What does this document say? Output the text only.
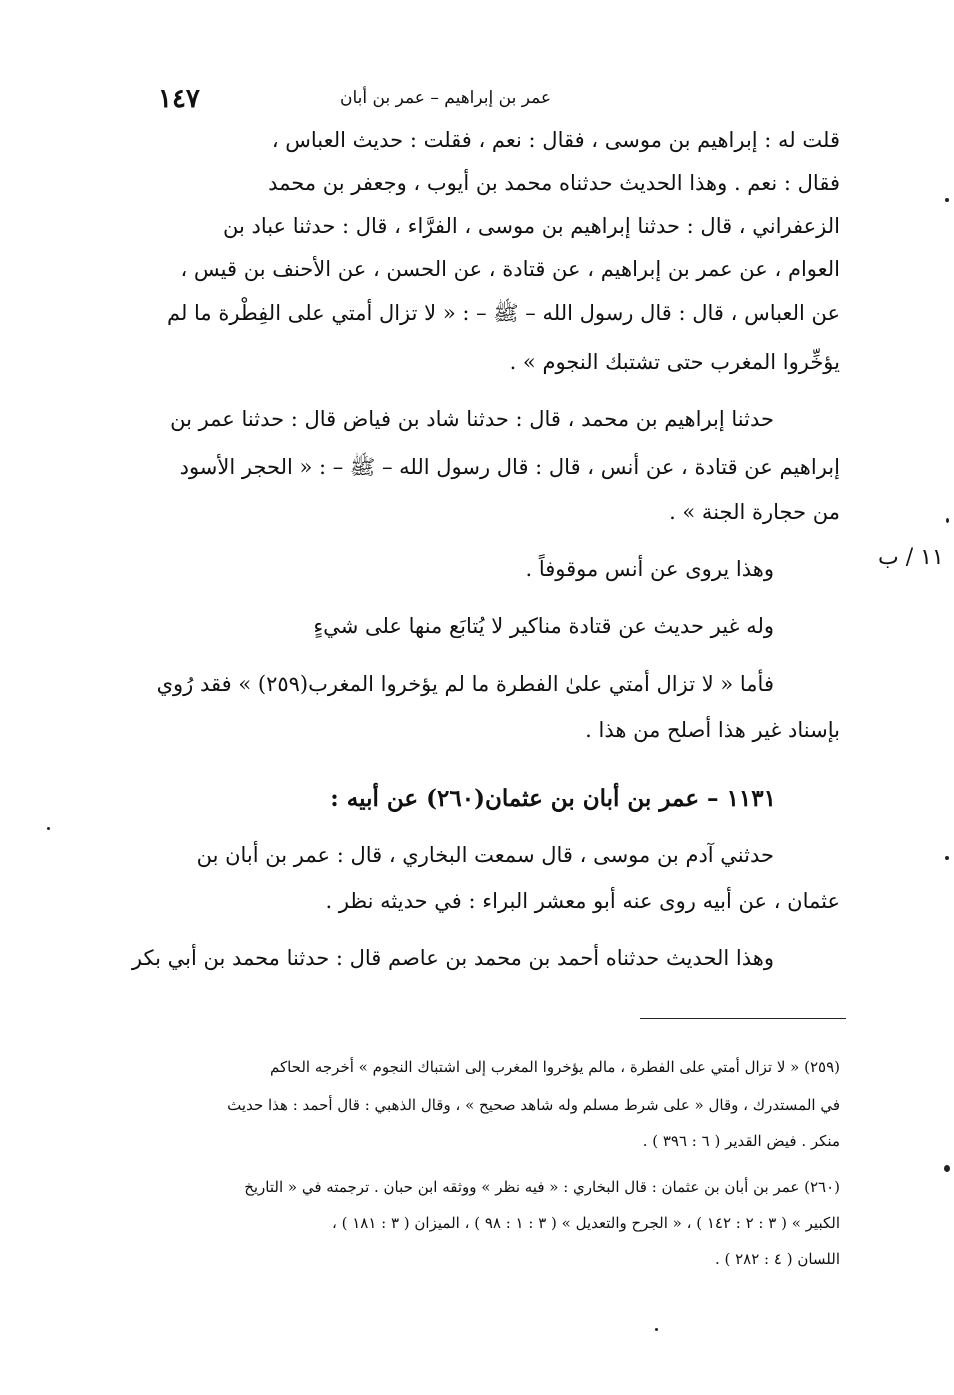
١٤٧	عمر بن إبراهيم – عمر بن أبان
١١ / ب
قلت له : إبراهيم بن موسى ، فقال : نعم ، فقلت : حديث العباس ،
فقال : نعم . وهذا الحديث حدثناه محمد بن أيوب ، وجعفر بن محمد
الزعفراني ، قال : حدثنا إبراهيم بن موسى ، الفرَّاء ، قال : حدثنا عباد بن
العوام ، عن عمر بن إبراهيم ، عن قتادة ، عن الحسن ، عن الأحنف بن قيس ،
عن العباس ، قال : قال رسول الله – ﷺ – : « لا تزال أمتي على الفِطْرة ما لم
يؤخِّروا المغرب حتى تشتبك النجوم » .
حدثنا إبراهيم بن محمد ، قال : حدثنا شاد بن فياض قال : حدثنا عمر بن
إبراهيم عن قتادة ، عن أنس ، قال : قال رسول الله – ﷺ – : « الحجر الأسود
من حجارة الجنة » .
وهذا يروى عن أنس موقوفاً .
وله غير حديث عن قتادة مناكير لا يُتابَع منها على شيءٍ
فأما « لا تزال أمتي علىٰ الفطرة ما لم يؤخروا المغرب(٢٥٩) » فقد رُوي
بإسناد غير هذا أصلح من هذا .
١١٣١ – عمر بن أبان بن عثمان(٢٦٠) عن أبيه :
حدثني آدم بن موسى ، قال سمعت البخاري ، قال : عمر بن أبان بن
عثمان ، عن أبيه روى عنه أبو معشر البراء : في حديثه نظر .
وهذا الحديث حدثناه أحمد بن محمد بن عاصم قال : حدثنا محمد بن أبي بكر
(٢٥٩) « لا تزال أمتي على الفطرة ، مالم يؤخروا المغرب إلى اشتباك النجوم » أخرجه الحاكم
في المستدرك ، وقال « على شرط مسلم وله شاهد صحيح » ، وقال الذهبي : قال أحمد : هذا حديث
منكر . فيض القدير ( ٦ : ٣٩٦ ) .
(٢٦٠) عمر بن أبان بن عثمان : قال البخاري : « فيه نظر » ووثقه ابن حبان . ترجمته في « التاريخ
الكبير » ( ٣ : ٢ : ١٤٢ ) ، « الجرح والتعديل » ( ٣ : ١ : ٩٨ ) ، الميزان ( ٣ : ١٨١ ) ،
اللسان ( ٤ : ٢٨٢ ) .
